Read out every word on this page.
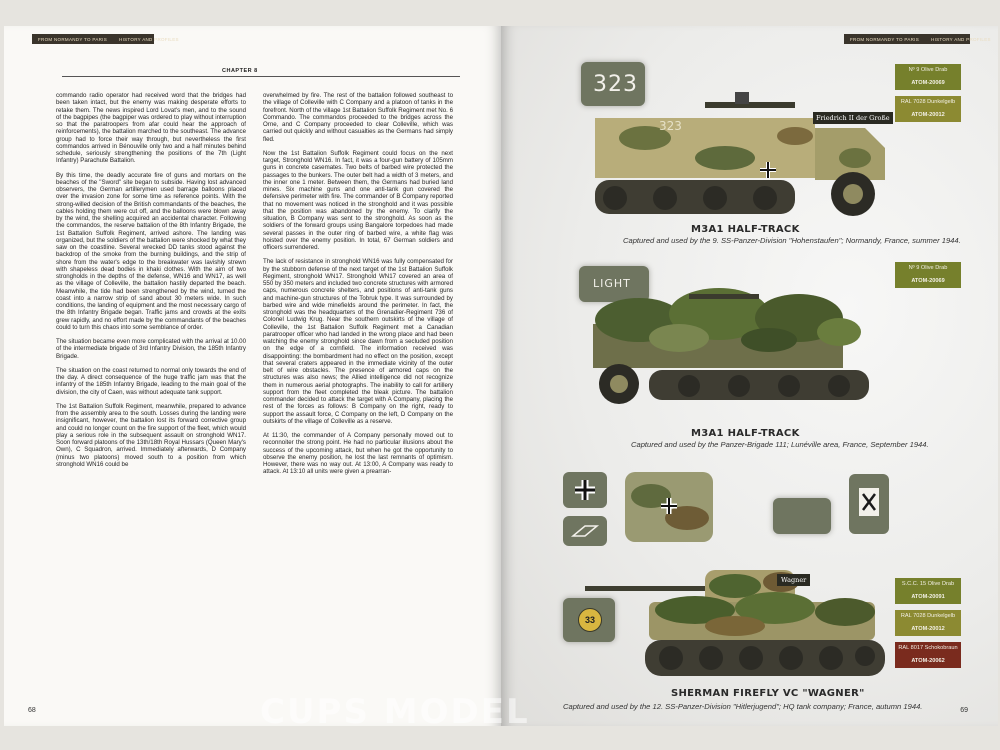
FROM NORMANDY TO PARIS	HISTORY AND PROFILES
CHAPTER 8

commando radio operator had received word that the bridges had been taken intact, but the enemy was making desperate efforts to retake them. The news inspired Lord Lovat's men, and to the sound of the bagpipes (the bagpiper was ordered to play without interruption so that the paratroopers from afar could hear the approach of reinforcements), the battalion marched to the southeast. The advance group had to force their way through, but nevertheless the first commandos arrived in Bénouville only two and a half minutes behind schedule, seriously strengthening the positions of the 7th (Light Infantry) Parachute Battalion.

By this time, the deadly accurate fire of guns and mortars on the beaches of the "Sword" site began to subside. Having lost advanced observers, the German artillerymen used barrage balloons placed over the invasion zone for some time as reference points. With the strong-willed decision of the British commandants of the beaches, the cables holding them were cut off, and the balloons were blown away by the wind, the shelling acquired an accidental character. Following the commandos, the reserve battalion of the 8th Infantry Brigade, the 1st Battalion Suffolk Regiment, arrived ashore. The landing was organized, but the soldiers of the battalion were shocked by what they saw on the coastline. Several wrecked DD tanks stood against the backdrop of the smoke from the burning buildings, and the strip of shore from the water's edge to the breakwater was lavishly strewn with shapeless dead bodies in khaki clothes. With the aim of two strongholds in the depths of the defense, WN16 and WN17, as well as the village of Colleville, the battalion hastily departed the beach. Meanwhile, the tide had been strengthened by the wind, turned the coast into a narrow strip of sand about 30 meters wide. In such conditions, the landing of equipment and the most necessary cargo of the 8th Infantry Brigade began. Traffic jams and crowds at the exits grew rapidly, and no effort made by the commandants of the beaches could to turn this chaos into some semblance of order.

The situation became even more complicated with the arrival at 10.00 of the intermediate brigade of 3rd Infantry Division, the 185th Infantry Brigade.

The situation on the coast returned to normal only towards the end of the day. A direct consequence of the huge traffic jam was that the infantry of the 185th Infantry Brigade, leading to the main goal of the division, the city of Caen, was without adequate tank support.

The 1st Battalion Suffolk Regiment, meanwhile, prepared to advance from the assembly area to the south. Losses during the landing were insignificant, however, the battalion lost its forward corrective group and could no longer count on the fire support of the fleet, which would play a serious role in the subsequent assault on stronghold WN17. Soon forward platoons of the 13th/18th Royal Hussars (Queen Mary's Own), C Squadron, arrived. Immediately afterwards, D Company (minus two platoons) moved south to a position from which stronghold WN16 could be

overwhelmed by fire. The rest of the battalion followed southeast to the village of Colleville with C Company and a platoon of tanks in the forefront. North of the village 1st Battalion Suffolk Regiment met No. 6 Commando. The commandos proceeded to the bridges across the Orne, and C Company proceeded to clear Colleville, which was carried out quickly and without casualties as the Germans had simply fled.

Now the 1st Battalion Suffolk Regiment could focus on the next target, Stronghold WN16. In fact, it was a four-gun battery of 105mm guns in concrete casemates. Two belts of barbed wire protected the passages to the bunkers. The outer belt had a width of 3 meters, and the inner one 1 meter. Between them, the Germans had buried land mines. Six machine guns and one anti-tank gun covered the defensive perimeter with fire. The commander of B Company reported that no movement was noticed in the stronghold and it was possible that the position was abandoned by the enemy. To clarify the situation, B Company was sent to the stronghold. As soon as the soldiers of the forward groups using Bangalore torpedoes had made several passes in the outer ring of barbed wire, a white flag was hoisted over the enemy position. In total, 67 German soldiers and officers surrendered.

The lack of resistance in stronghold WN16 was fully compensated for by the stubborn defense of the next target of the 1st Battalion Suffolk Regiment, stronghold WN17. Stronghold WN17 covered an area of 550 by 350 meters and included two concrete structures with armored caps, numerous concrete shelters, and positions of anti-tank guns and machine-gun structures of the Tobruk type. It was surrounded by barbed wire and wide minefields around the perimeter. In fact, the stronghold was the headquarters of the Grenadier-Regiment 736 of Colonel Ludwig Krug. Near the southern outskirts of the village of Colleville, the 1st Battalion Suffolk Regiment met a Canadian paratrooper officer who had landed in the wrong place and had been watching the enemy stronghold since dawn from a secluded position on the edge of a cornfield. The information received was disappointing: the bombardment had no effect on the position, except that several craters appeared in the immediate vicinity of the outer belt of wire obstacles. The presence of armored caps on the structures was also news; the Allied intelligence did not recognize them in numerous aerial photographs. The inability to call for artillery support from the fleet completed the bleak picture. The battalion commander decided to attack the target with A Company, placing the rest of the forces as follows: B Company on the right, ready to support the assault force, C Company on the left, D Company on the outskirts of the village of Colleville as a reserve.

At 11:30, the commander of A Company personally moved out to reconnoiter the strong point. He had no particular illusions about the success of the upcoming attack, but when he got the opportunity to observe the enemy position, he lost the last remnants of optimism. However, there was no way out. At 13:00, A Company was ready to attack. At 13:10 all units were given a prearran-

68
FROM NORMANDY TO PARIS	HISTORY AND PROFILES
323
323
Friedrich II der Große
M3A1 HALF-TRACK
Captured and used by the 9. SS-Panzer-Division "Hohenstaufen"; Normandy, France, summer 1944.
Nº 9 Olive Drab
ATOM-20069
RAL 7028 Dunkelgelb
ATOM-20012
LIGHT
M3A1 HALF-TRACK
Captured and used by the Panzer-Brigade 111; Lunéville area, France, September 1944.
Nº 9 Olive Drab
ATOM-20069
Wagner
33
SHERMAN FIREFLY VC "WAGNER"
Captured and used by the 12. SS-Panzer-Division "Hitlerjugend"; HQ tank company; France, autumn 1944.
S.C.C. 15 Olive Drab
ATOM-20091
RAL 7028 Dunkelgelb
ATOM-20012
RAL 8017 Schokobraun
ATOM-20062
69
CUPS MODEL
